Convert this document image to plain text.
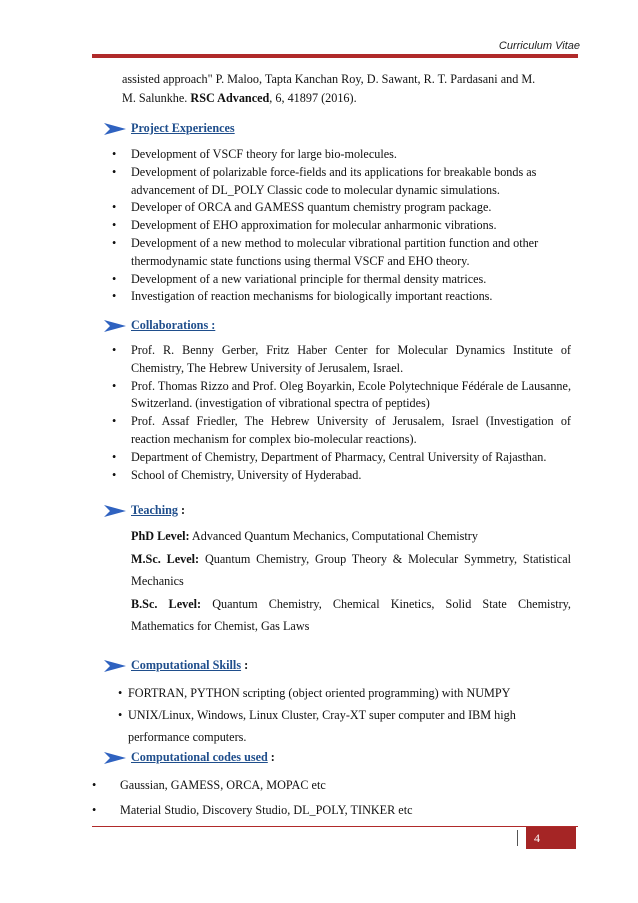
Curriculum Vitae
assisted approach" P. Maloo, Tapta Kanchan Roy, D. Sawant, R. T. Pardasani and M.
M. Salunkhe. RSC Advanced, 6, 41897 (2016).
Project Experiences
• Development of VSCF theory for large bio-molecules.
• Development of polarizable force-fields and its applications for breakable bonds as advancement of DL_POLY Classic code to molecular dynamic simulations.
• Developer of ORCA and GAMESS quantum chemistry program package.
• Development of EHO approximation for molecular anharmonic vibrations.
• Development of a new method to molecular vibrational partition function and other thermodynamic state functions using thermal VSCF and EHO theory.
• Development of a new variational principle for thermal density matrices.
• Investigation of reaction mechanisms for biologically important reactions.
Collaborations :
• Prof. R. Benny Gerber, Fritz Haber Center for Molecular Dynamics Institute of Chemistry, The Hebrew University of Jerusalem, Israel.
• Prof. Thomas Rizzo and Prof. Oleg Boyarkin, Ecole Polytechnique Fédérale de Lausanne, Switzerland. (investigation of vibrational spectra of peptides)
• Prof. Assaf Friedler, The Hebrew University of Jerusalem, Israel (Investigation of reaction mechanism for complex bio-molecular reactions).
• Department of Chemistry, Department of Pharmacy, Central University of Rajasthan.
• School of Chemistry, University of Hyderabad.
Teaching :

PhD Level: Advanced Quantum Mechanics, Computational Chemistry

M.Sc. Level: Quantum Chemistry, Group Theory & Molecular Symmetry, Statistical Mechanics

B.Sc. Level: Quantum Chemistry, Chemical Kinetics, Solid State Chemistry, Mathematics for Chemist, Gas Laws

Computational Skills :
• FORTRAN, PYTHON scripting (object oriented programming) with NUMPY
• UNIX/Linux, Windows, Linux Cluster, Cray-XT super computer and IBM high performance computers.
Computational codes used :
• Gaussian, GAMESS, ORCA, MOPAC etc
• Material Studio, Discovery Studio, DL_POLY, TINKER etc
4
